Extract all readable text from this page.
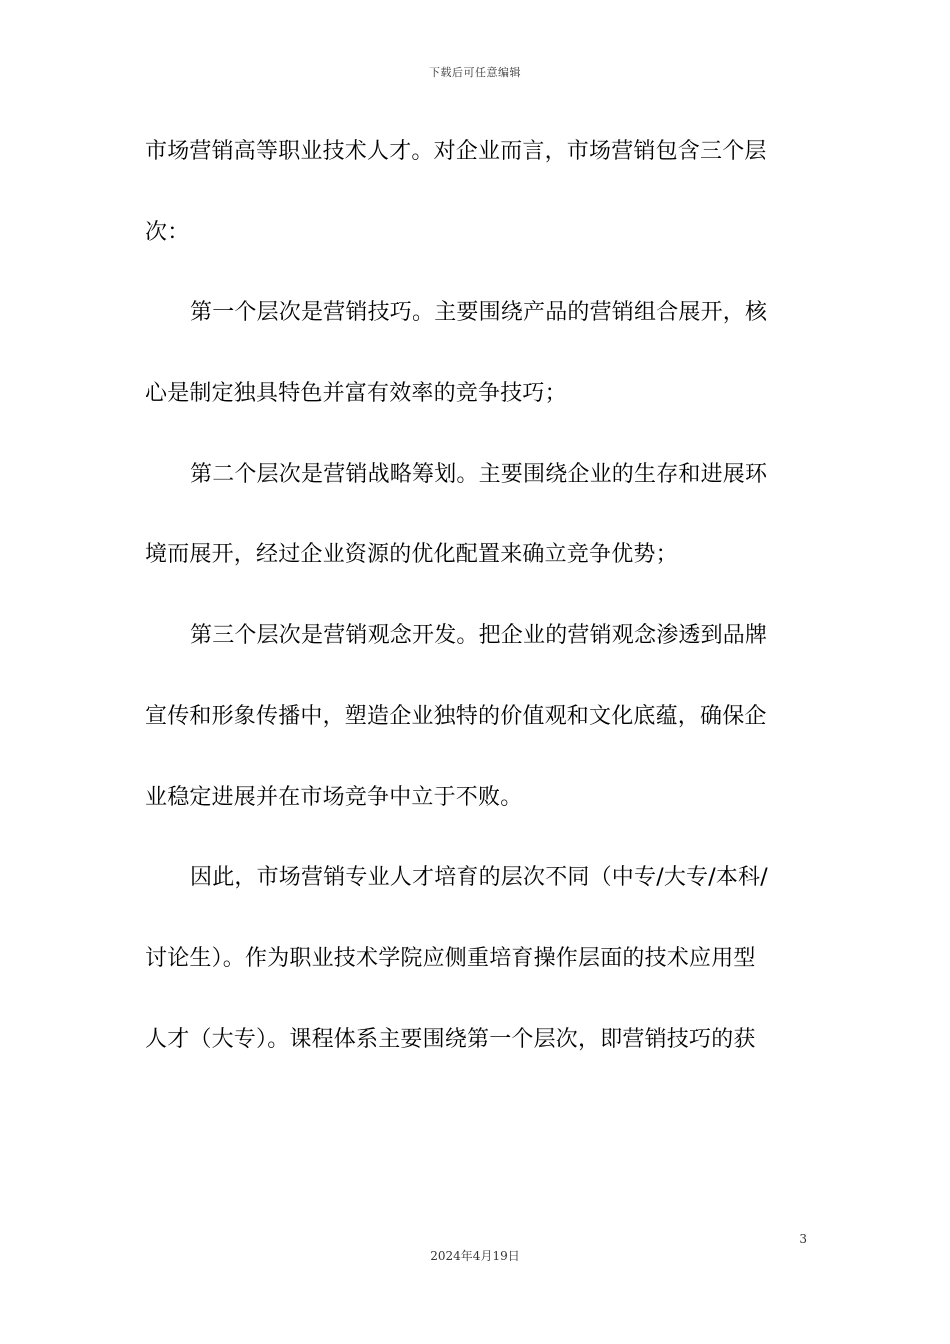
下载后可任意编辑
市场营销高等职业技术人才。对企业而言，市场营销包含三个层
次：
第一个层次是营销技巧。主要围绕产品的营销组合展开，核
心是制定独具特色并富有效率的竞争技巧；
第二个层次是营销战略筹划。主要围绕企业的生存和进展环
境而展开，经过企业资源的优化配置来确立竞争优势；
第三个层次是营销观念开发。把企业的营销观念渗透到品牌
宣传和形象传播中，塑造企业独特的价值观和文化底蕴，确保企
业稳定进展并在市场竞争中立于不败。
因此，市场营销专业人才培育的层次不同（中专/大专/本科/
讨论生）。作为职业技术学院应侧重培育操作层面的技术应用型
人才（大专）。课程体系主要围绕第一个层次，即营销技巧的获
3
2024年4月19日
